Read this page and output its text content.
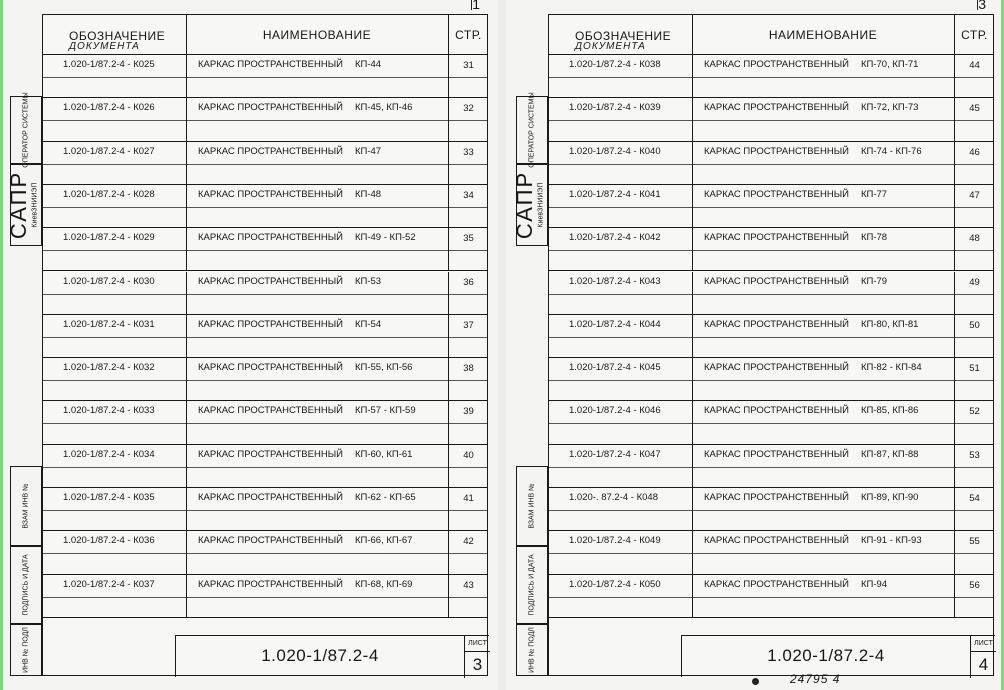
1
ОПЕРАТОР СИСТЕМЫ
САПР КиевЗНИИЭП
ВЗАМ ИНВ №
ПОДПИСЬ И ДАТА
ИНВ № ПОДЛ
ОБОЗНАЧЕНИЕ
ДОКУМЕНТА
НАИМЕНОВАНИЕ	СТР.
1.020-1/87.2-4 - К025	КАРКАС ПРОСТРАНСТВЕННЫЙ КП-44	31
1.020-1/87.2-4 - К026	КАРКАС ПРОСТРАНСТВЕННЫЙ КП-45, КП-46	32
1.020-1/87.2-4 - К027	КАРКАС ПРОСТРАНСТВЕННЫЙ КП-47	33
1.020-1/87.2-4 - К028	КАРКАС ПРОСТРАНСТВЕННЫЙ КП-48	34
1.020-1/87.2-4 - К029	КАРКАС ПРОСТРАНСТВЕННЫЙ КП-49 - КП-52	35
1.020-1/87.2-4 - К030	КАРКАС ПРОСТРАНСТВЕННЫЙ КП-53	36
1.020-1/87.2-4 - К031	КАРКАС ПРОСТРАНСТВЕННЫЙ КП-54	37
1.020-1/87.2-4 - К032	КАРКАС ПРОСТРАНСТВЕННЫЙ КП-55, КП-56	38
1.020-1/87.2-4 - К033	КАРКАС ПРОСТРАНСТВЕННЫЙ КП-57 - КП-59	39
1.020-1/87.2-4 - К034	КАРКАС ПРОСТРАНСТВЕННЫЙ КП-60, КП-61	40
1.020-1/87.2-4 - К035	КАРКАС ПРОСТРАНСТВЕННЫЙ КП-62 - КП-65	41
1.020-1/87.2-4 - К036	КАРКАС ПРОСТРАНСТВЕННЫЙ КП-66, КП-67	42
1.020-1/87.2-4 - К037	КАРКАС ПРОСТРАНСТВЕННЫЙ КП-68, КП-69	43
1.020-1/87.2-4
ЛИСТ
3
3
ОПЕРАТОР СИСТЕМЫ
САПР КиевЗНИИЭП
ВЗАМ ИНВ №
ПОДПИСЬ И ДАТА
ИНВ № ПОДЛ
ОБОЗНАЧЕНИЕ
ДОКУМЕНТА
НАИМЕНОВАНИЕ	СТР.
1.020-1/87.2-4 - К038	КАРКАС ПРОСТРАНСТВЕННЫЙ КП-70, КП-71	44
1.020-1/87.2-4 - К039	КАРКАС ПРОСТРАНСТВЕННЫЙ КП-72, КП-73	45
1.020-1/87.2-4 - К040	КАРКАС ПРОСТРАНСТВЕННЫЙ КП-74 - КП-76	46
1.020-1/87.2-4 - К041	КАРКАС ПРОСТРАНСТВЕННЫЙ КП-77	47
1.020-1/87.2-4 - К042	КАРКАС ПРОСТРАНСТВЕННЫЙ КП-78	48
1.020-1/87.2-4 - К043	КАРКАС ПРОСТРАНСТВЕННЫЙ КП-79	49
1.020-1/87.2-4 - К044	КАРКАС ПРОСТРАНСТВЕННЫЙ КП-80, КП-81	50
1.020-1/87.2-4 - К045	КАРКАС ПРОСТРАНСТВЕННЫЙ КП-82 - КП-84	51
1.020-1/87.2-4 - К046	КАРКАС ПРОСТРАНСТВЕННЫЙ КП-85, КП-86	52
1.020-1/87.2-4 - К047	КАРКАС ПРОСТРАНСТВЕННЫЙ КП-87, КП-88	53
1.020-. 87.2-4 - К048	КАРКАС ПРОСТРАНСТВЕННЫЙ КП-89, КП-90	54
1.020-1/87.2-4 - К049	КАРКАС ПРОСТРАНСТВЕННЫЙ КП-91 - КП-93	55
1.020-1/87.2-4 - К050	КАРКАС ПРОСТРАНСТВЕННЫЙ КП-94	56
1.020-1/87.2-4
ЛИСТ
4
24795 4
